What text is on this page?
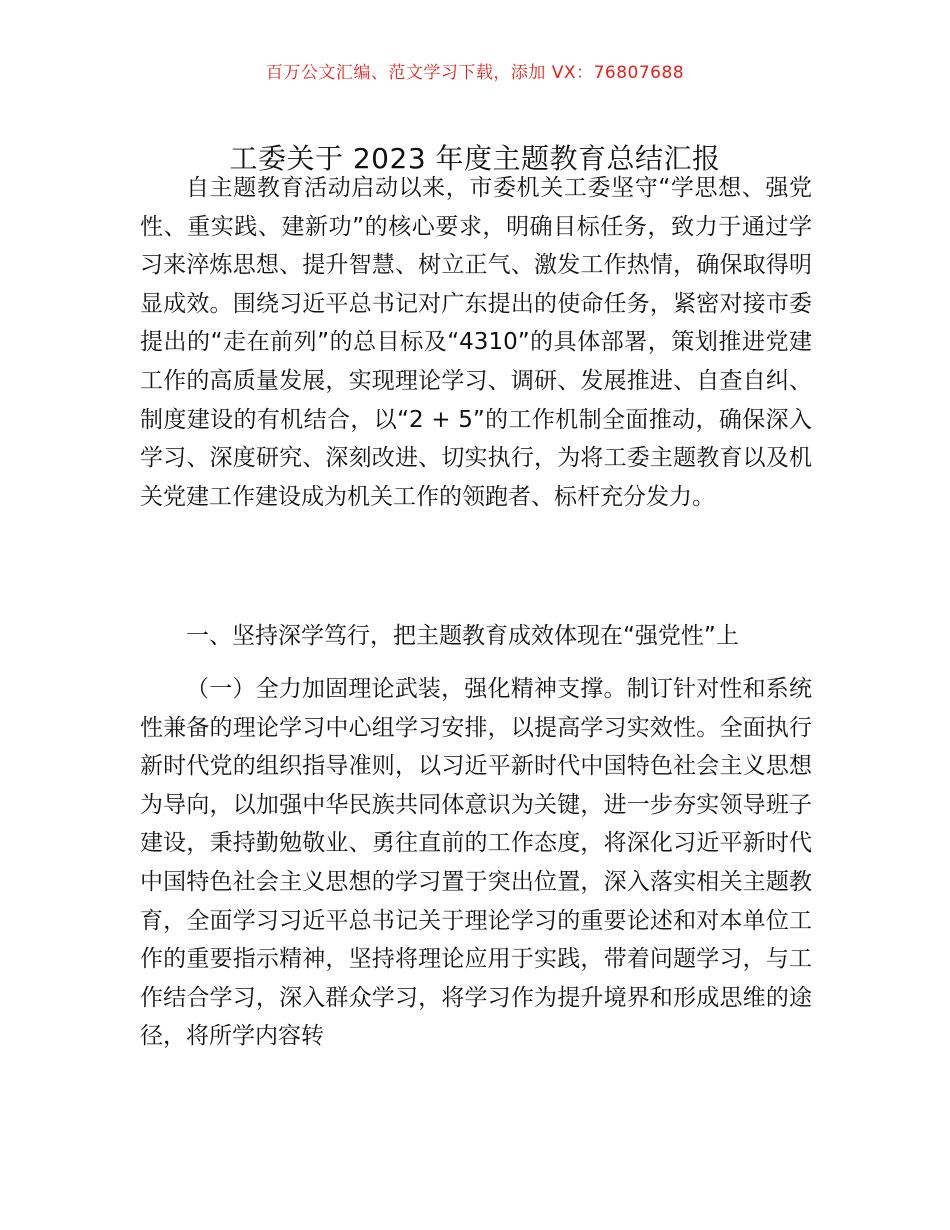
百万公文汇编、范文学习下载，添加 VX：76807688
工委关于 2023 年度主题教育总结汇报

自主题教育活动启动以来，市委机关工委坚守“学思想、强党性、重实践、建新功”的核心要求，明确目标任务，致力于通过学习来淬炼思想、提升智慧、树立正气、激发工作热情，确保取得明显成效。围绕习近平总书记对广东提出的使命任务，紧密对接市委提出的“走在前列”的总目标及“4310”的具体部署，策划推进党建工作的高质量发展，实现理论学习、调研、发展推进、自查自纠、制度建设的有机结合，以“2 + 5”的工作机制全面推动，确保深入学习、深度研究、深刻改进、切实执行，为将工委主题教育以及机关党建工作建设成为机关工作的领跑者、标杆充分发力。

一、坚持深学笃行，把主题教育成效体现在“强党性”上

（一）全力加固理论武装，强化精神支撑。制订针对性和系统性兼备的理论学习中心组学习安排，以提高学习实效性。全面执行新时代党的组织指导准则，以习近平新时代中国特色社会主义思想为导向，以加强中华民族共同体意识为关键，进一步夯实领导班子建设，秉持勤勉敬业、勇往直前的工作态度，将深化习近平新时代中国特色社会主义思想的学习置于突出位置，深入落实相关主题教育，全面学习习近平总书记关于理论学习的重要论述和对本单位工作的重要指示精神，坚持将理论应用于实践，带着问题学习，与工作结合学习，深入群众学习，将学习作为提升境界和形成思维的途径，将所学内容转
